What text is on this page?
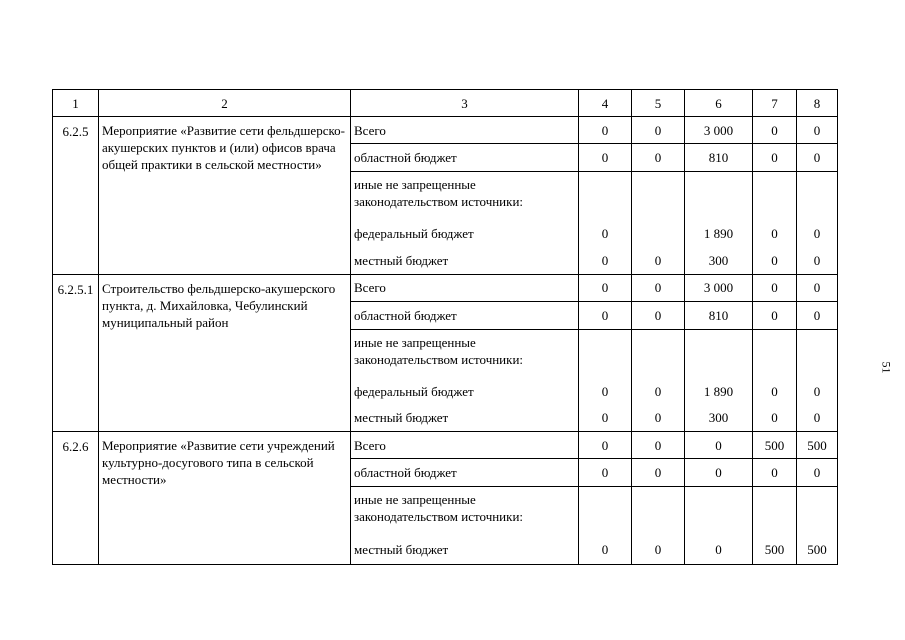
1	2	3	4	5	6	7	8
6.2.5	Мероприятие «Развитие сети фельдшерско-акушерских пунктов и (или) офисов врача общей практики в сельской местности»	Всего	0	0	3 000	0	0
		областной бюджет	0	0	810	0	0
		иные не запрещенные законодательством источники:					
		федеральный бюджет	0		1 890	0	0
		местный бюджет	0	0	300	0	0
6.2.5.1	Строительство фельдшерско-акушерского пункта, д. Михайловка, Чебулинский муниципальный район	Всего	0	0	3 000	0	0
		областной бюджет	0	0	810	0	0
		иные не запрещенные законодательством источники:					
		федеральный бюджет	0	0	1 890	0	0
		местный бюджет	0	0	300	0	0
6.2.6	Мероприятие «Развитие сети учреждений культурно-досугового типа в сельской местности»	Всего	0	0	0	500	500
		областной бюджет	0	0	0	0	0
		иные не запрещенные законодательством источники:					
		местный бюджет	0	0	0	500	500
51
